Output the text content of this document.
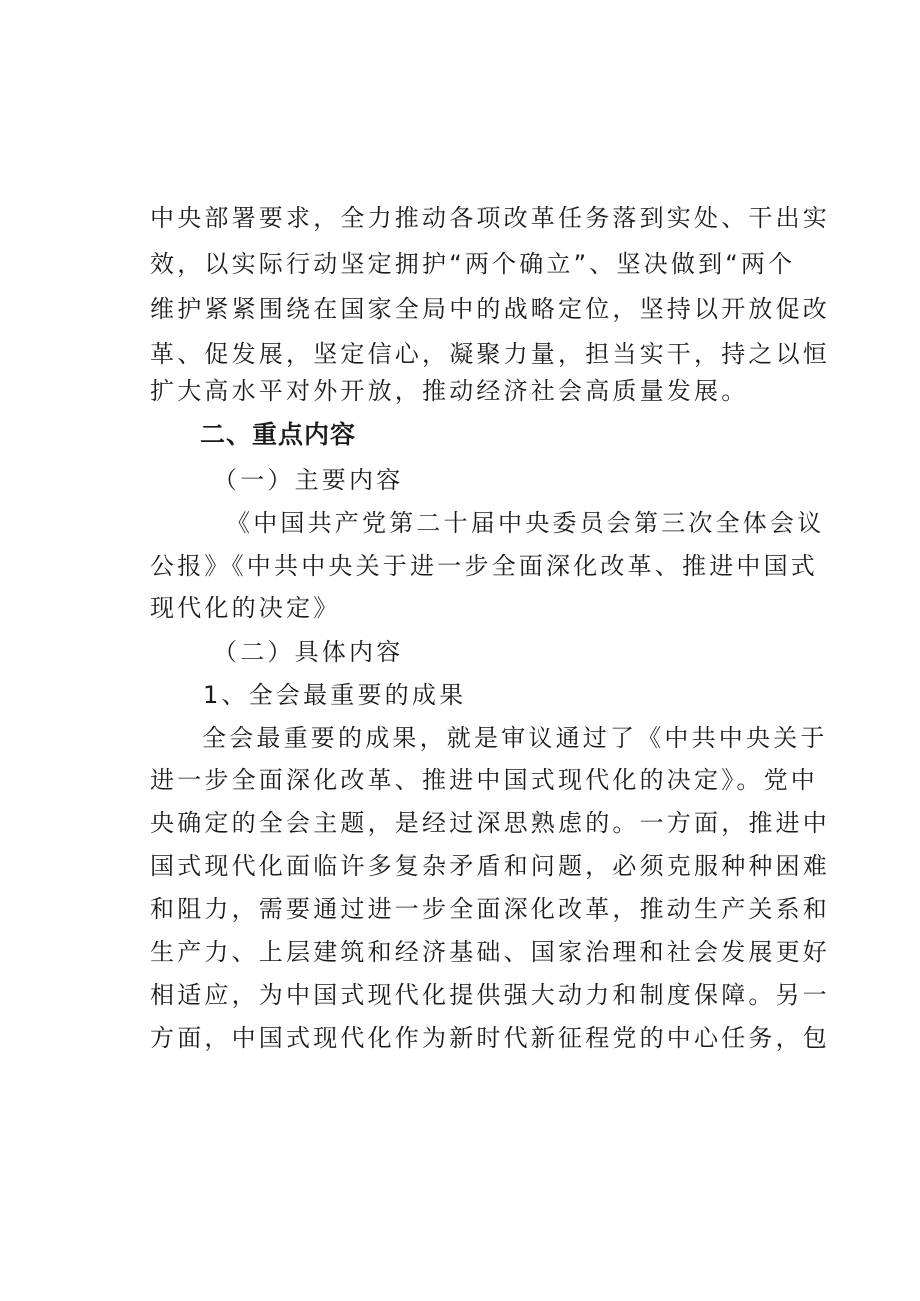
中央部署要求，全力推动各项改革任务落到实处、干出实
效，以实际行动坚定拥护“两个确立”、坚决做到“两个
维护紧紧围绕在国家全局中的战略定位，坚持以开放促改
革、促发展，坚定信心，凝聚力量，担当实干，持之以恒
扩大高水平对外开放，推动经济社会高质量发展。
二、重点内容
（一）主要内容
《中国共产党第二十届中央委员会第三次全体会议
公报》《中共中央关于进一步全面深化改革、推进中国式
现代化的决定》
（二）具体内容
1、全会最重要的成果
全会最重要的成果，就是审议通过了《中共中央关于
进一步全面深化改革、推进中国式现代化的决定》。党中
央确定的全会主题，是经过深思熟虑的。一方面，推进中
国式现代化面临许多复杂矛盾和问题，必须克服种种困难
和阻力，需要通过进一步全面深化改革，推动生产关系和
生产力、上层建筑和经济基础、国家治理和社会发展更好
相适应，为中国式现代化提供强大动力和制度保障。另一
方面，中国式现代化作为新时代新征程党的中心任务，包
